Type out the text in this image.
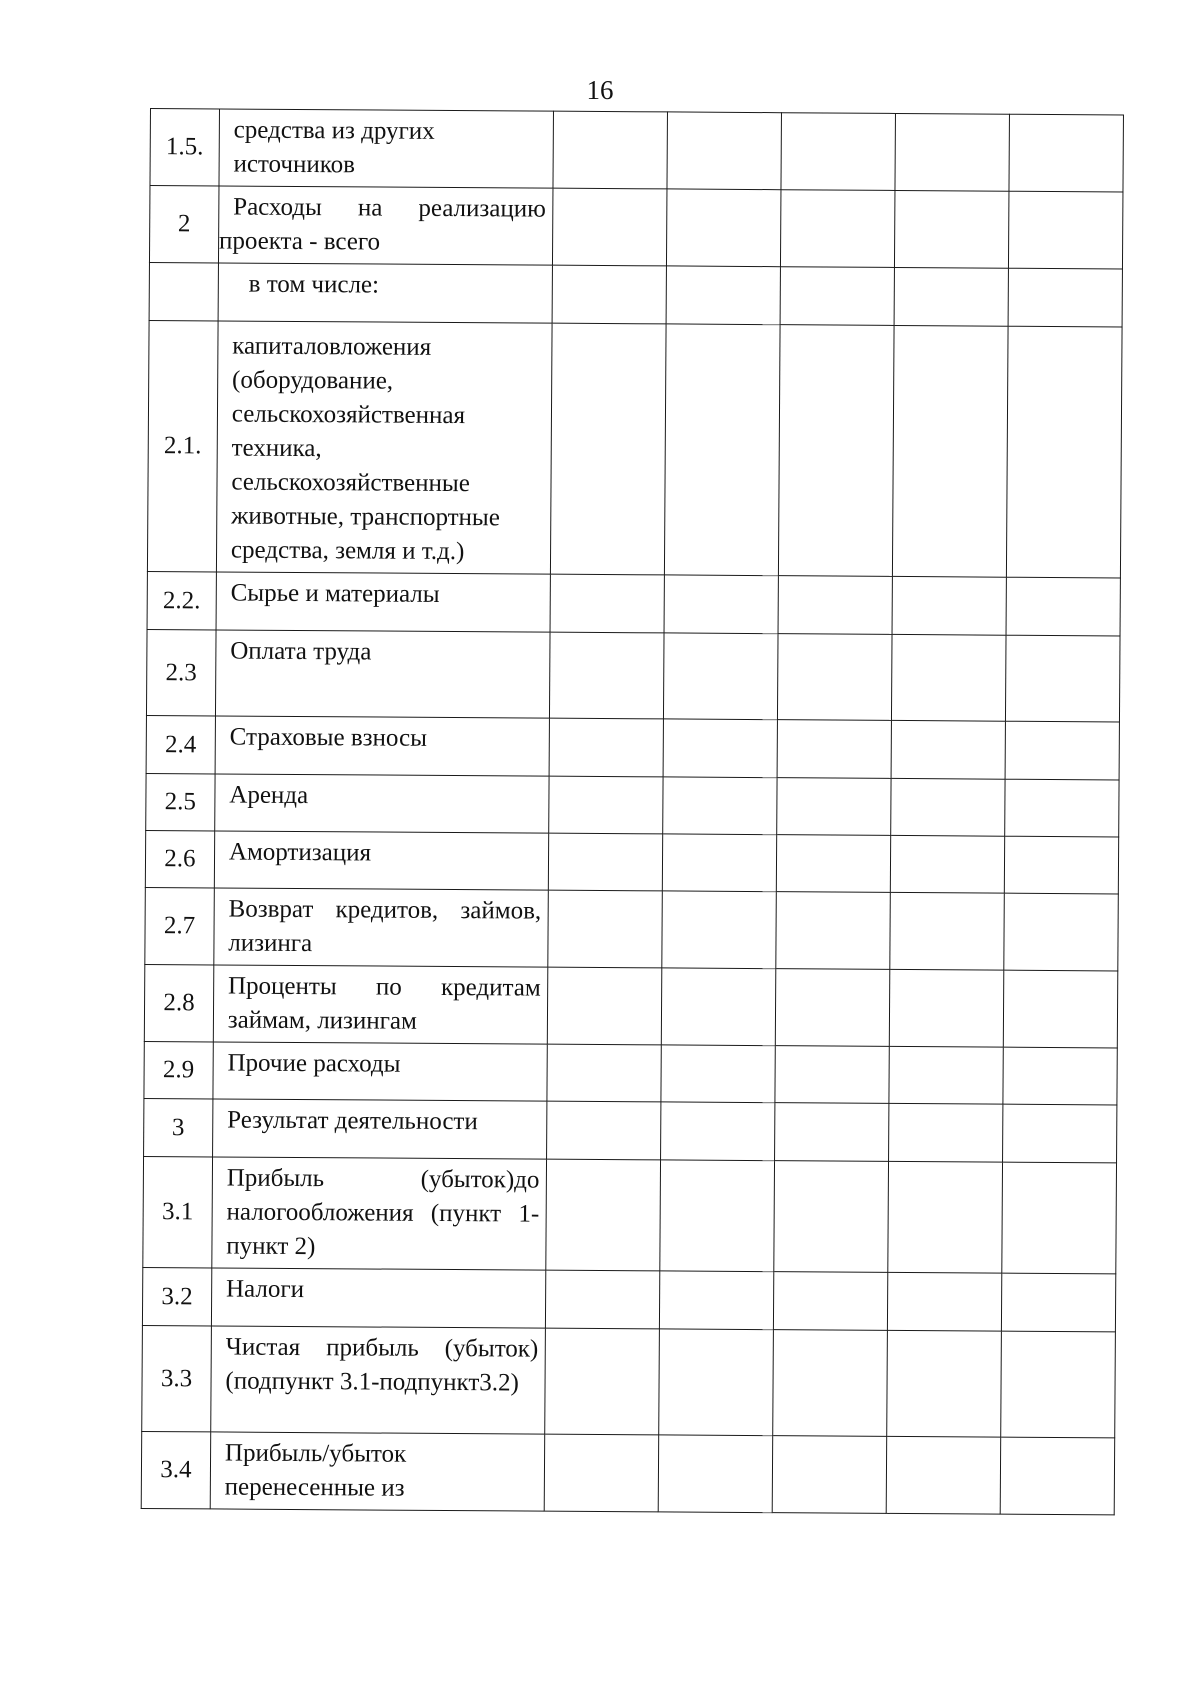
16
1.5.	средства из других источников					
2	Расходы на реализацию проекта - всего					
	в том числе:					
2.1.	капиталовложения (оборудование, сельскохозяйственная техника, сельскохозяйственные животные, транспортные средства, земля и т.д.)					
2.2.	Сырье и материалы					
2.3	Оплата труда					
2.4	Страховые взносы					
2.5	Аренда					
2.6	Амортизация					
2.7	Возврат кредитов, займов, лизинга					
2.8	Проценты по кредитам займам, лизингам					
2.9	Прочие расходы					
3	Результат деятельности					
3.1	Прибыль (убыток)до налогообложения (пункт 1-пункт 2)					
3.2	Налоги					
3.3	Чистая прибыль (убыток)(подпункт 3.1-подпункт3.2)					
3.4	Прибыль/убыток перенесенные из					
